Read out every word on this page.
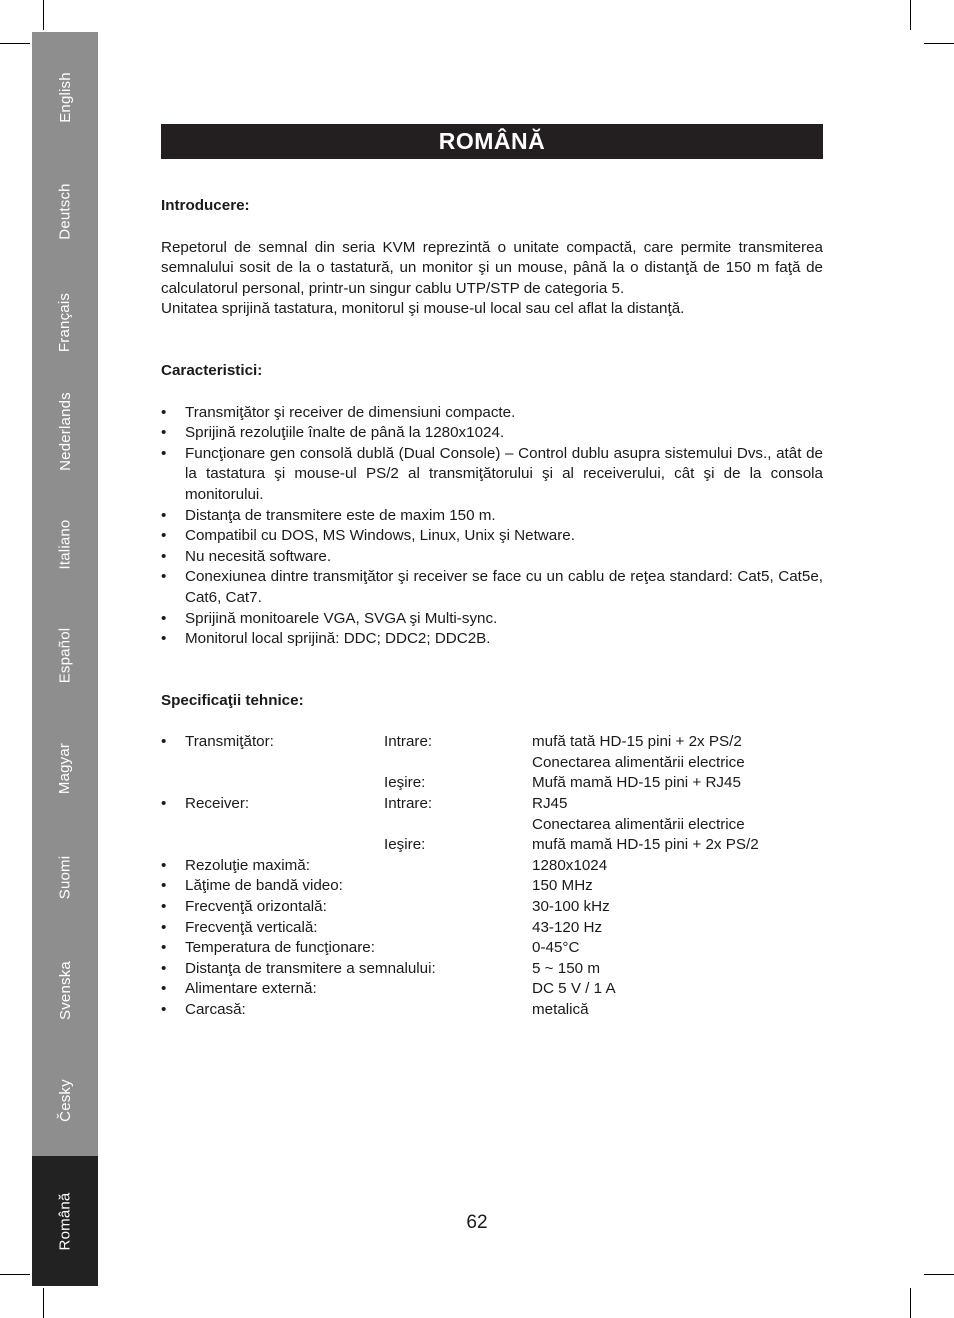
English
Deutsch
Français
Nederlands
Italiano
Español
Magyar
Suomi
Svenska
Česky
Română
ROMÂNĂ

Introducere:

Repetorul de semnal din seria KVM reprezintă o unitate compactă, care permite transmiterea semnalului sosit de la o tastatură, un monitor şi un mouse, până la o distanţă de 150 m faţă de calculatorul personal, printr-un singur cablu UTP/STP de categoria 5.

Unitatea sprijină tastatura, monitorul şi mouse-ul local sau cel aflat la distanţă.

Caracteristici:

• Transmiţător şi receiver de dimensiuni compacte.
• Sprijină rezoluţiile înalte de până la 1280x1024.
• Funcţionare gen consolă dublă (Dual Console) – Control dublu asupra sistemului Dvs., atât de la tastatura şi mouse-ul PS/2 al transmiţătorului şi al receiverului, cât şi de la consola monitorului.
• Distanţa de transmitere este de maxim 150 m.
• Compatibil cu DOS, MS Windows, Linux, Unix şi Netware.
• Nu necesită software.
• Conexiunea dintre transmiţător şi receiver se face cu un cablu de reţea standard: Cat5, Cat5e, Cat6, Cat7.
• Sprijină monitoarele VGA, SVGA şi Multi-sync.
• Monitorul local sprijină: DDC; DDC2; DDC2B.

Specificaţii tehnice:

• Transmiţător:	Intrare:	mufă tată HD-15 pini + 2x PS/2
Conectarea alimentării electrice
Ieşire:	Mufă mamă HD-15 pini + RJ45
• Receiver:	Intrare:	RJ45
Conectarea alimentării electrice
Ieşire:	mufă mamă HD-15 pini + 2x PS/2
• Rezoluţie maximă:	1280x1024
• Lăţime de bandă video:	150 MHz
• Frecvenţă orizontală:	30-100 kHz
• Frecvenţă verticală:	43-120 Hz
• Temperatura de funcţionare:	0-45°C
• Distanţa de transmitere a semnalului:	5 ~ 150 m
• Alimentare externă:	DC 5 V / 1 A
• Carcasă:	metalică
62
